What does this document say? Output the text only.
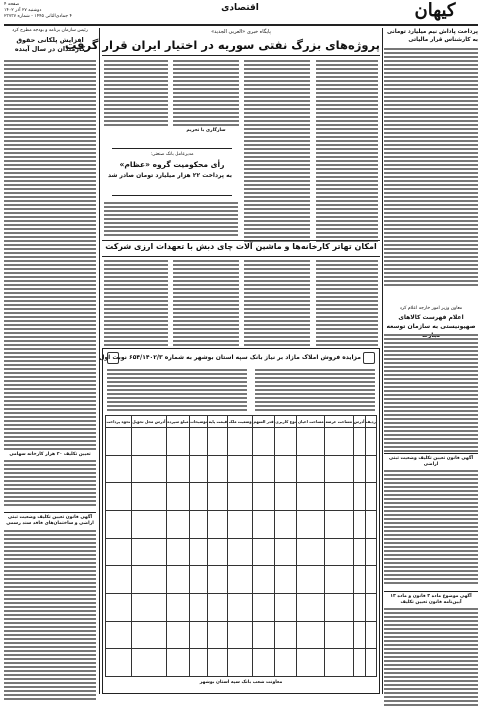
کیهان
اقتصادی
صفحه ۴
دوشنبه ۲۷ آذر ۱۴۰۲
۴ جمادی‌الثانی ۱۴۴۵ - شماره ۲۳۷۳۷
پرداخت پاداش نیم میلیارد تومانی به کارشناس قرار مالیاتی
معاون وزیر امور خارجه اعلام کرد
اعلام فهرست کالاهای صهیونیستی به سازمان توسعه
آگهی قانون تعیین تکلیف وضعیت ثبتی اراضی
آگهی موضوع ماده ۳ قانون و ماده ۱۳ آیین‌نامه قانون تعیین تکلیف
رئیس سازمان برنامه و بودجه مطرح کرد
افزایش پلکانی حقوق کارمندان در سال آینده
تعیین تکلیف ۲۰ هزار کارخانه سهامی
آگهی قانون تعیین تکلیف وضعیت ثبتی اراضی و ساختمان‌های فاقد سند رسمی
پایگاه خبری «العربی الجدید»
پروژه‌های بزرگ نفتی سوریه در اختیار ایران قرار گرفت
سازگاری با تحریم
مدیرعامل بانک صنعتی:
رأی محکومیت گروه «عظام»
به پرداخت ۲۲ هزار میلیارد تومان صادر شد
امکان تهاتر کارخانه‌ها و ماشین آلات چای دبش با تعهدات ارزی شرکت
مزایده فروش املاک مازاد بر نیاز بانک سپه استان بوشهر به شماره ۶۵۴/۱۴۰۲/۳ نوبت اول
ردیف	آدرس	مساحت عرصه	مساحت اعیان	نوع کاربری	قدر السهم	وضعیت ملک	قیمت پایه	توضیحات	مبلغ سپرده	آدرس محل تحویل	نحوه پرداخت

معاونت شعب بانک سپه استان بوشهر
